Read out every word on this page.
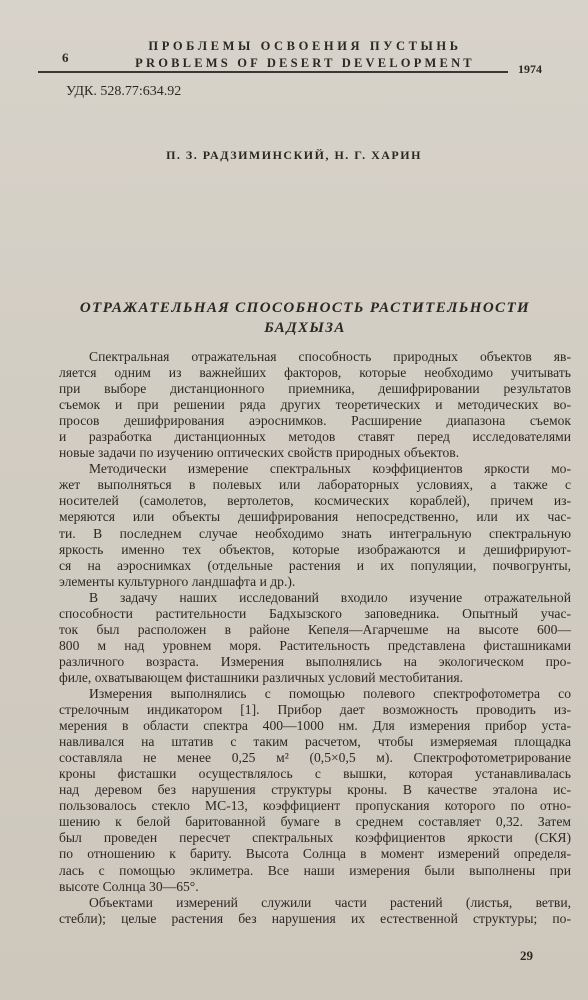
6
ПРОБЛЕМЫ ОСВОЕНИЯ ПУСТЫНЬ
PROBLEMS OF DESERT DEVELOPMENT	1974
УДК. 528.77:634.92
П. З. РАДЗИМИНСКИЙ, Н. Г. ХАРИН
ОТРАЖАТЕЛЬНАЯ СПОСОБНОСТЬ РАСТИТЕЛЬНОСТИ
БАДХЫЗА

Спектральная отражательная способность природных объектов яв-

ляется одним из важнейших факторов, которые необходимо учитывать

при выборе дистанционного приемника, дешифрировании результатов

съемок и при решении ряда других теоретических и методических во-

просов дешифрирования аэроснимков. Расширение диапазона съемок

и разработка дистанционных методов ставят перед исследователями

новые задачи по изучению оптических свойств природных объектов.

Методически измерение спектральных коэффициентов яркости мо-

жет выполняться в полевых или лабораторных условиях, а также с

носителей (самолетов, вертолетов, космических кораблей), причем из-

меряются или объекты дешифрирования непосредственно, или их час-

ти. В последнем случае необходимо знать интегральную спектральную

яркость именно тех объектов, которые изображаются и дешифрируют-

ся на аэроснимках (отдельные растения и их популяции, почвогрунты,

элементы культурного ландшафта и др.).

В задачу наших исследований входило изучение отражательной

способности растительности Бадхызского заповедника. Опытный учас-

ток был расположен в районе Кепеля—Агарчешме на высоте 600—

800 м над уровнем моря. Растительность представлена фисташниками

различного возраста. Измерения выполнялись на экологическом про-

филе, охватывающем фисташники различных условий местобитания.

Измерения выполнялись с помощью полевого спектрофотометра со

стрелочным индикатором [1]. Прибор дает возможность проводить из-

мерения в области спектра 400—1000 нм. Для измерения прибор уста-

навливался на штатив с таким расчетом, чтобы измеряемая площадка

составляла не менее 0,25 м² (0,5×0,5 м). Спектрофотометрирование

кроны фисташки осуществлялось с вышки, которая устанавливалась

над деревом без нарушения структуры кроны. В качестве эталона ис-

пользовалось стекло МС-13, коэффициент пропускания которого по отно-

шению к белой баритованной бумаге в среднем составляет 0,32. Затем

был проведен пересчет спектральных коэффициентов яркости (СКЯ)

по отношению к бариту. Высота Солнца в момент измерений определя-

лась с помощью эклиметра. Все наши измерения были выполнены при

высоте Солнца 30—65°.

Объектами измерений служили части растений (листья, ветви,

стебли); целые растения без нарушения их естественной структуры; по-

29
